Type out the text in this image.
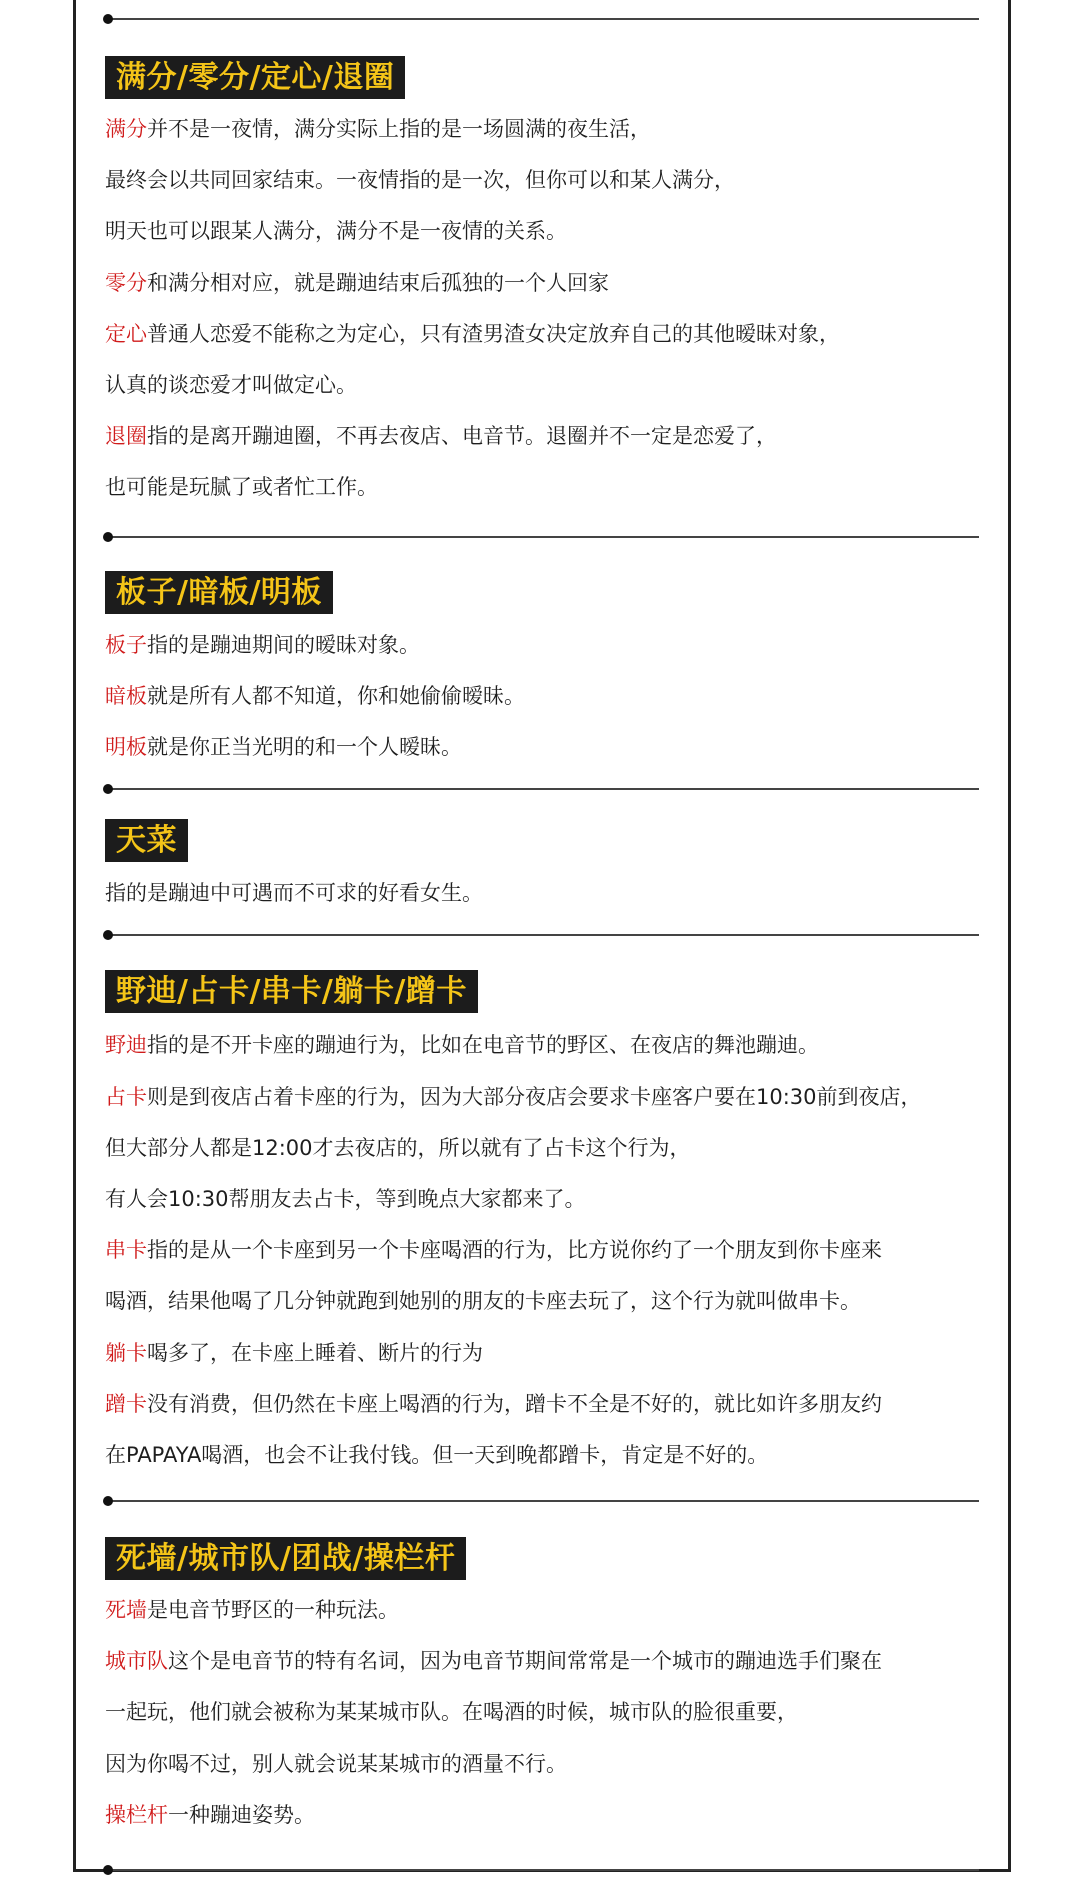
满分/零分/定心/退圈
满分并不是一夜情，满分实际上指的是一场圆满的夜生活，
最终会以共同回家结束。一夜情指的是一次，但你可以和某人满分，
明天也可以跟某人满分，满分不是一夜情的关系。
零分和满分相对应，就是蹦迪结束后孤独的一个人回家
定心普通人恋爱不能称之为定心，只有渣男渣女决定放弃自己的其他暧昧对象，
认真的谈恋爱才叫做定心。
退圈指的是离开蹦迪圈，不再去夜店、电音节。退圈并不一定是恋爱了，
也可能是玩腻了或者忙工作。
板子/暗板/明板
板子指的是蹦迪期间的暧昧对象。
暗板就是所有人都不知道，你和她偷偷暧昧。
明板就是你正当光明的和一个人暧昧。
天菜
指的是蹦迪中可遇而不可求的好看女生。
野迪/占卡/串卡/躺卡/蹭卡
野迪指的是不开卡座的蹦迪行为，比如在电音节的野区、在夜店的舞池蹦迪。
占卡则是到夜店占着卡座的行为，因为大部分夜店会要求卡座客户要在10:30前到夜店，
但大部分人都是12:00才去夜店的，所以就有了占卡这个行为，
有人会10:30帮朋友去占卡，等到晚点大家都来了。
串卡指的是从一个卡座到另一个卡座喝酒的行为，比方说你约了一个朋友到你卡座来
喝酒，结果他喝了几分钟就跑到她别的朋友的卡座去玩了，这个行为就叫做串卡。
躺卡喝多了，在卡座上睡着、断片的行为
蹭卡没有消费，但仍然在卡座上喝酒的行为，蹭卡不全是不好的，就比如许多朋友约
在PAPAYA喝酒，也会不让我付钱。但一天到晚都蹭卡，肯定是不好的。
死墙/城市队/团战/操栏杆
死墙是电音节野区的一种玩法。
城市队这个是电音节的特有名词，因为电音节期间常常是一个城市的蹦迪选手们聚在
一起玩，他们就会被称为某某城市队。在喝酒的时候，城市队的脸很重要，
因为你喝不过，别人就会说某某城市的酒量不行。
操栏杆一种蹦迪姿势。
